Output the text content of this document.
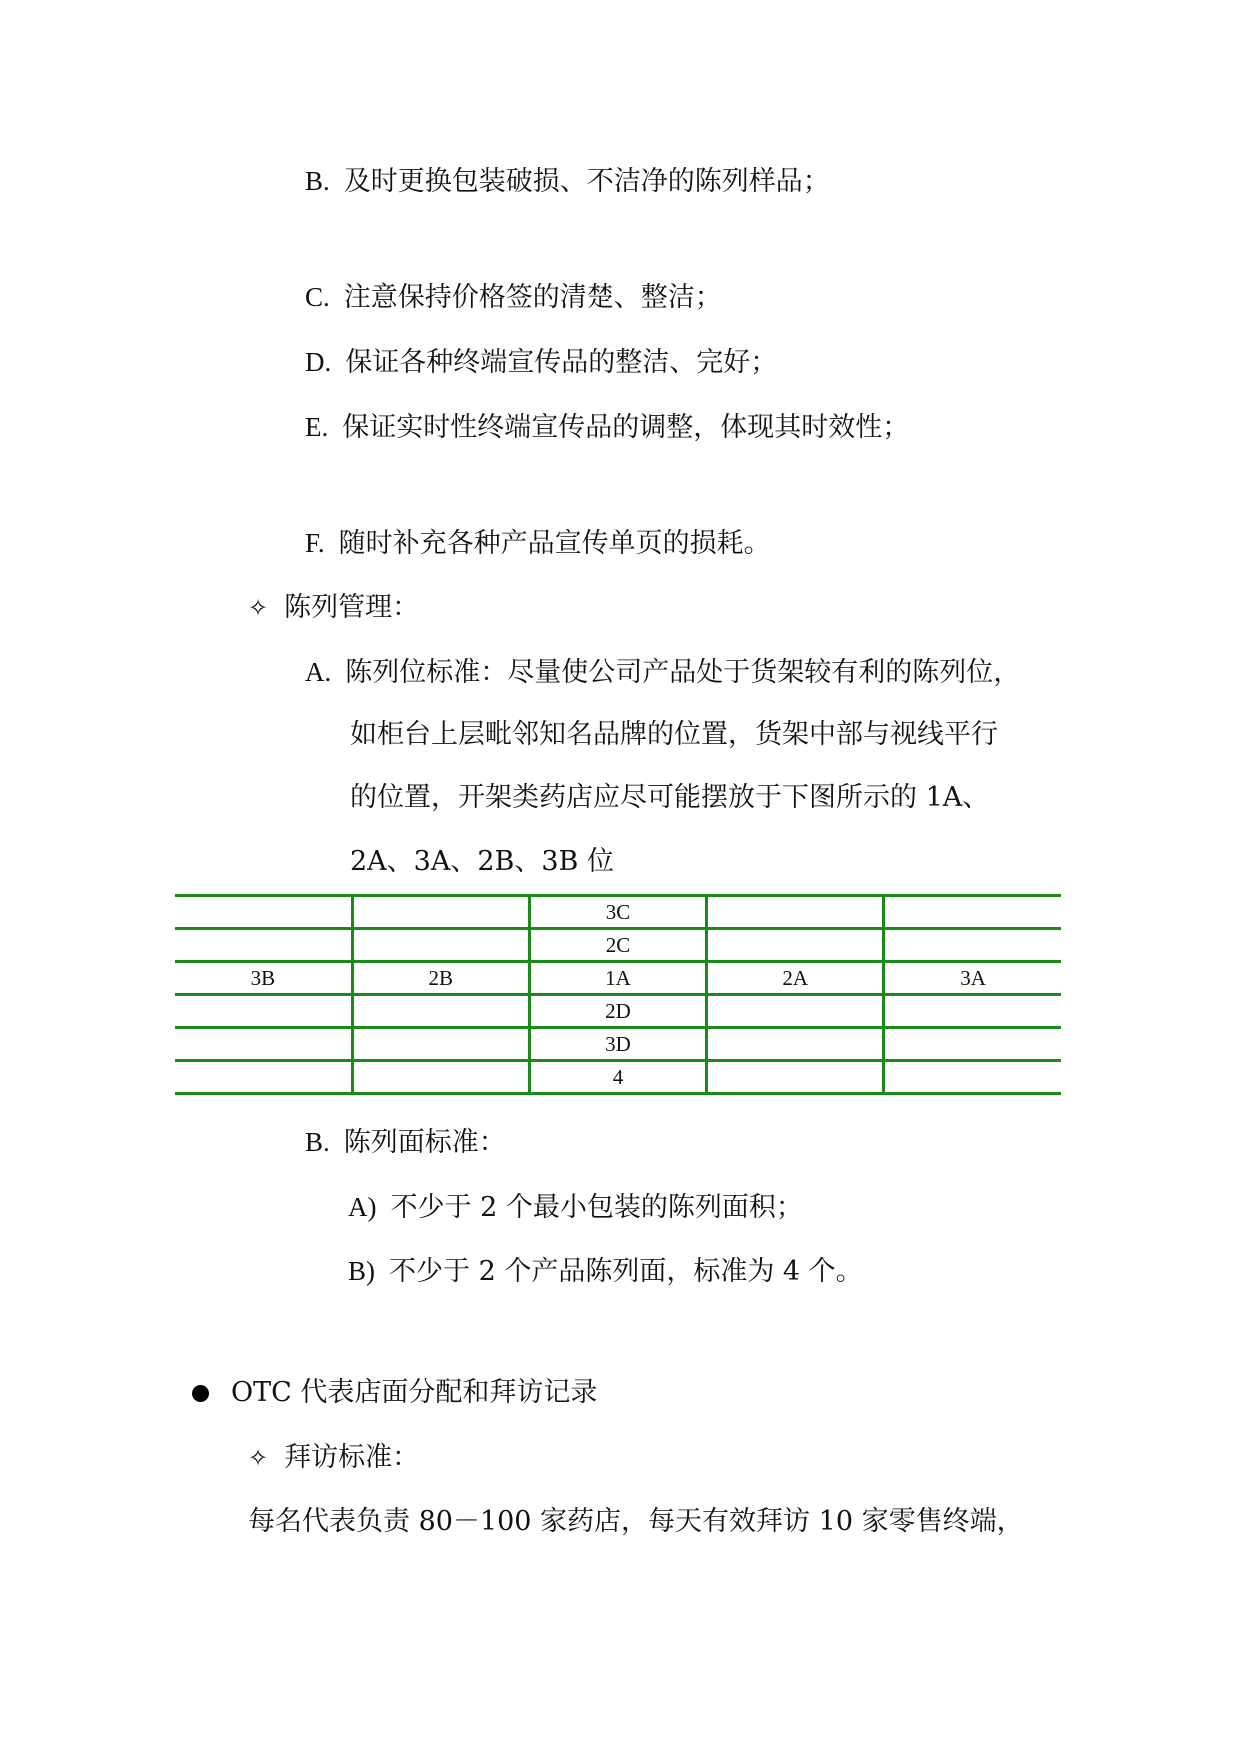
B. 及时更换包装破损、不洁净的陈列样品；
C. 注意保持价格签的清楚、整洁；
D. 保证各种终端宣传品的整洁、完好；
E. 保证实时性终端宣传品的调整，体现其时效性；
F. 随时补充各种产品宣传单页的损耗。
✧ 陈列管理：
A. 陈列位标准：尽量使公司产品处于货架较有利的陈列位，
如柜台上层毗邻知名品牌的位置，货架中部与视线平行
的位置，开架类药店应尽可能摆放于下图所示的 1A、
2A、3A、2B、3B 位
		3C		
		2C		
3B	2B	1A	2A	3A
		2D		
		3D		
		4		
B. 陈列面标准：
A) 不少于 2 个最小包装的陈列面积；
B) 不少于 2 个产品陈列面，标准为 4 个。
OTC 代表店面分配和拜访记录
✧ 拜访标准：
每名代表负责 80－100 家药店，每天有效拜访 10 家零售终端，
